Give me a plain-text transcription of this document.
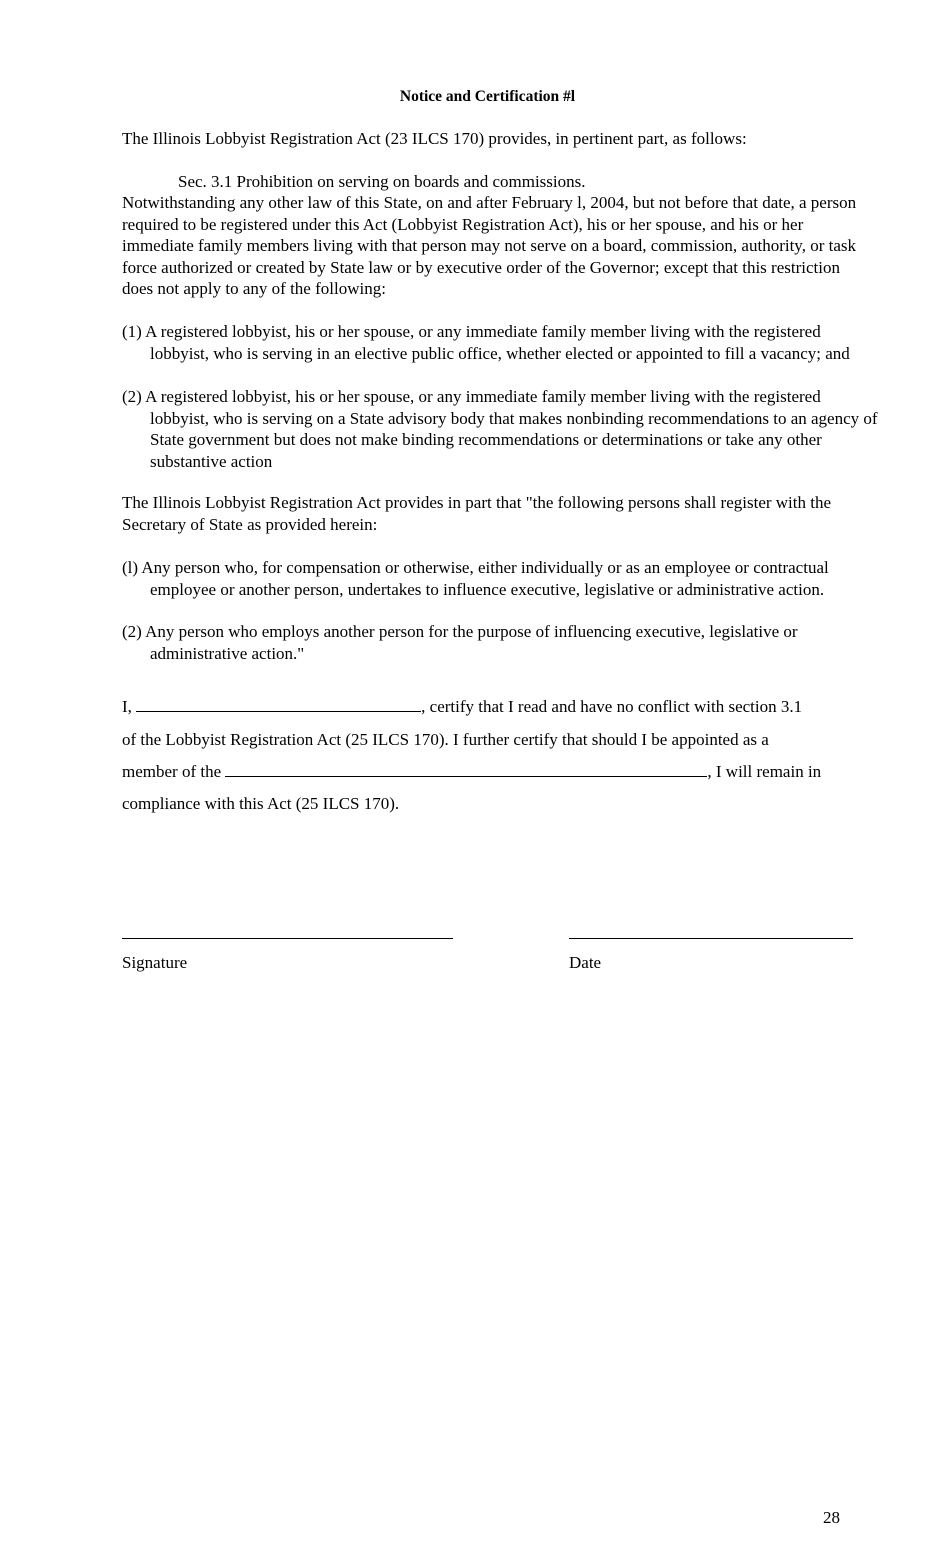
Notice and Certification #l

The Illinois Lobbyist Registration Act (23 ILCS 170) provides, in pertinent part, as follows:

Sec. 3.1 Prohibition on serving on boards and commissions.

Notwithstanding any other law of this State, on and after February l, 2004, but not before that date, a person required to be registered under this Act (Lobbyist Registration Act), his or her spouse, and his or her immediate family members living with that person may not serve on a board, commission, authority, or task force authorized or created by State law or by executive order of the Governor; except that this restriction does not apply to any of the following:

(1) A registered lobbyist, his or her spouse, or any immediate family member living with the registered lobbyist, who is serving in an elective public office, whether elected or appointed to fill a vacancy; and

(2) A registered lobbyist, his or her spouse, or any immediate family member living with the registered lobbyist, who is serving on a State advisory body that makes nonbinding recommendations to an agency of State government but does not make binding recommendations or determinations or take any other substantive action

The Illinois Lobbyist Registration Act provides in part that "the following persons shall register with the Secretary of State as provided herein:

(l) Any person who, for compensation or otherwise, either individually or as an employee or contractual employee or another person, undertakes to influence executive, legislative or administrative action.

(2) Any person who employs another person for the purpose of influencing executive, legislative or administrative action."

I,	, certify that I read and have no conflict with section 3.1

of the Lobbyist Registration Act (25 ILCS 170). I further certify that should I be appointed as a

member of the	, I will remain in

compliance with this Act (25 ILCS 170).

Signature	Date

28
